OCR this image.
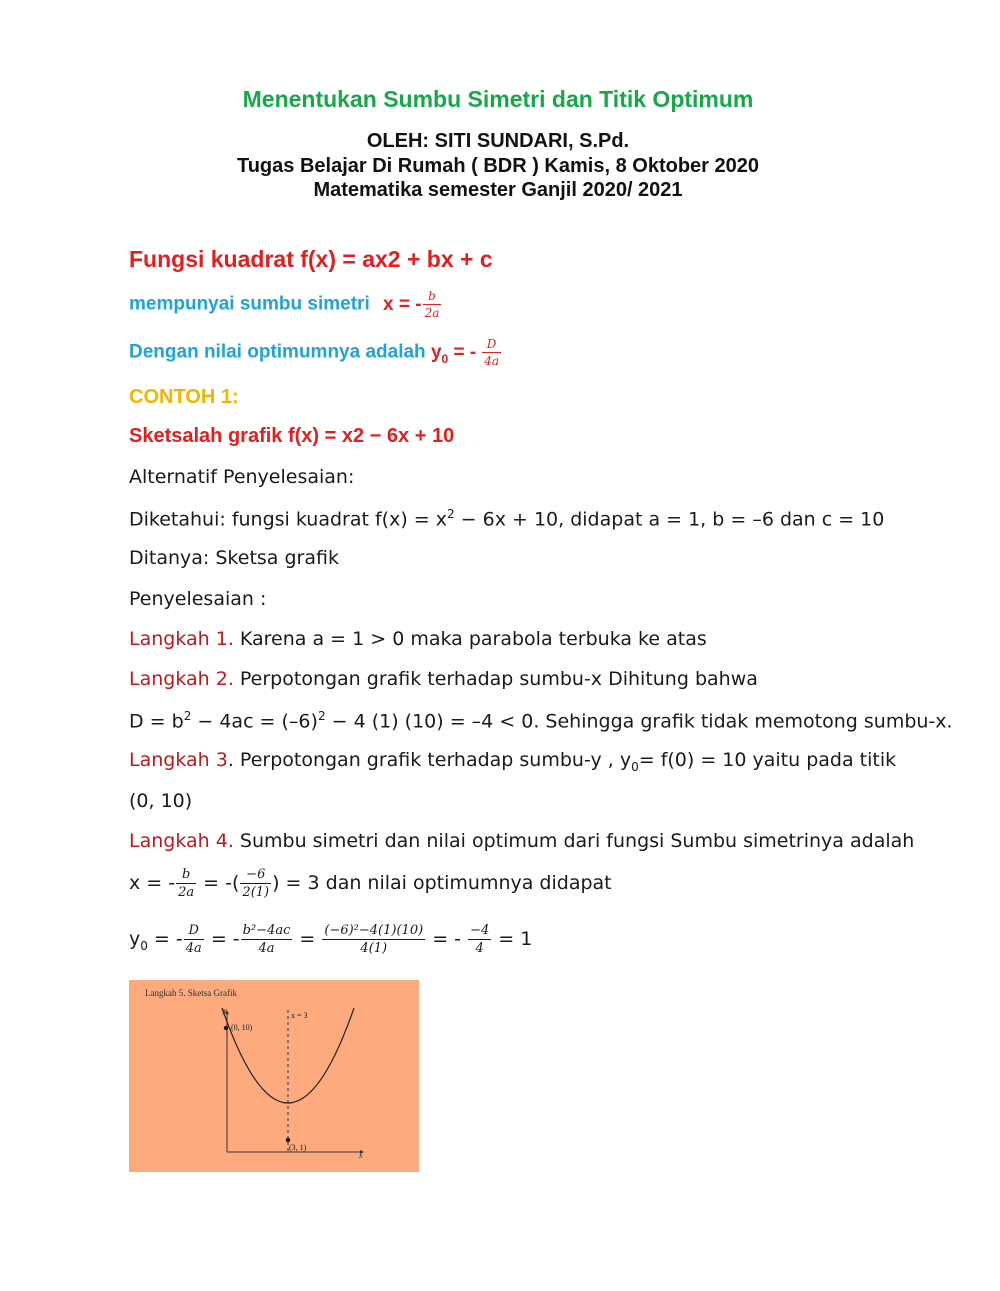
Menentukan Sumbu Simetri dan Titik Optimum
OLEH: SITI SUNDARI, S.Pd.
Tugas Belajar Di Rumah ( BDR ) Kamis, 8 Oktober 2020
Matematika semester Ganjil 2020/ 2021
Fungsi kuadrat f(x) = ax2 + bx + c
mempunyai sumbu simetri x = - $\frac{b}{2a}$
Dengan nilai optimumnya adalah $y_0$ = - $\frac{D}{4a}$
CONTOH 1:
Sketsalah grafik f(x) = x2 − 6x + 10
Alternatif Penyelesaian:
Diketahui: fungsi kuadrat $f(x) = x^2 - 6x + 10$, didapat a = 1, b = –6 dan c = 10
Ditanya: Sketsa grafik
Penyelesaian :
Langkah 1. Karena a = 1 > 0 maka parabola terbuka ke atas
Langkah 2. Perpotongan grafik terhadap sumbu-x Dihitung bahwa
$D = b^2 - 4ac = (-6)^2 - 4$ (1) (10) = –4 < 0. Sehingga grafik tidak memotong sumbu-x.
Langkah 3. Perpotongan grafik terhadap sumbu-y , $y_0= f(0) = 10$ yaitu pada titik
(0, 10)
Langkah 4. Sumbu simetri dan nilai optimum dari fungsi Sumbu simetrinya adalah
x = - $\frac{b}{2a}$ = -( $\frac{-6}{2(1)}$ ) = 3 dan nilai optimumnya didapat
$y_0$ = - $\frac{D}{4a}$ = - $\frac{\text{b²−4ac}}{4a} = \frac{\text{(−6)²−4(1)(10)}}{4(1)}$ = - $\frac{-4}{4} = 1$
Langkah 5. Sketsa Grafik
(0, 10)
(3, 1)
x = 3
x
y
